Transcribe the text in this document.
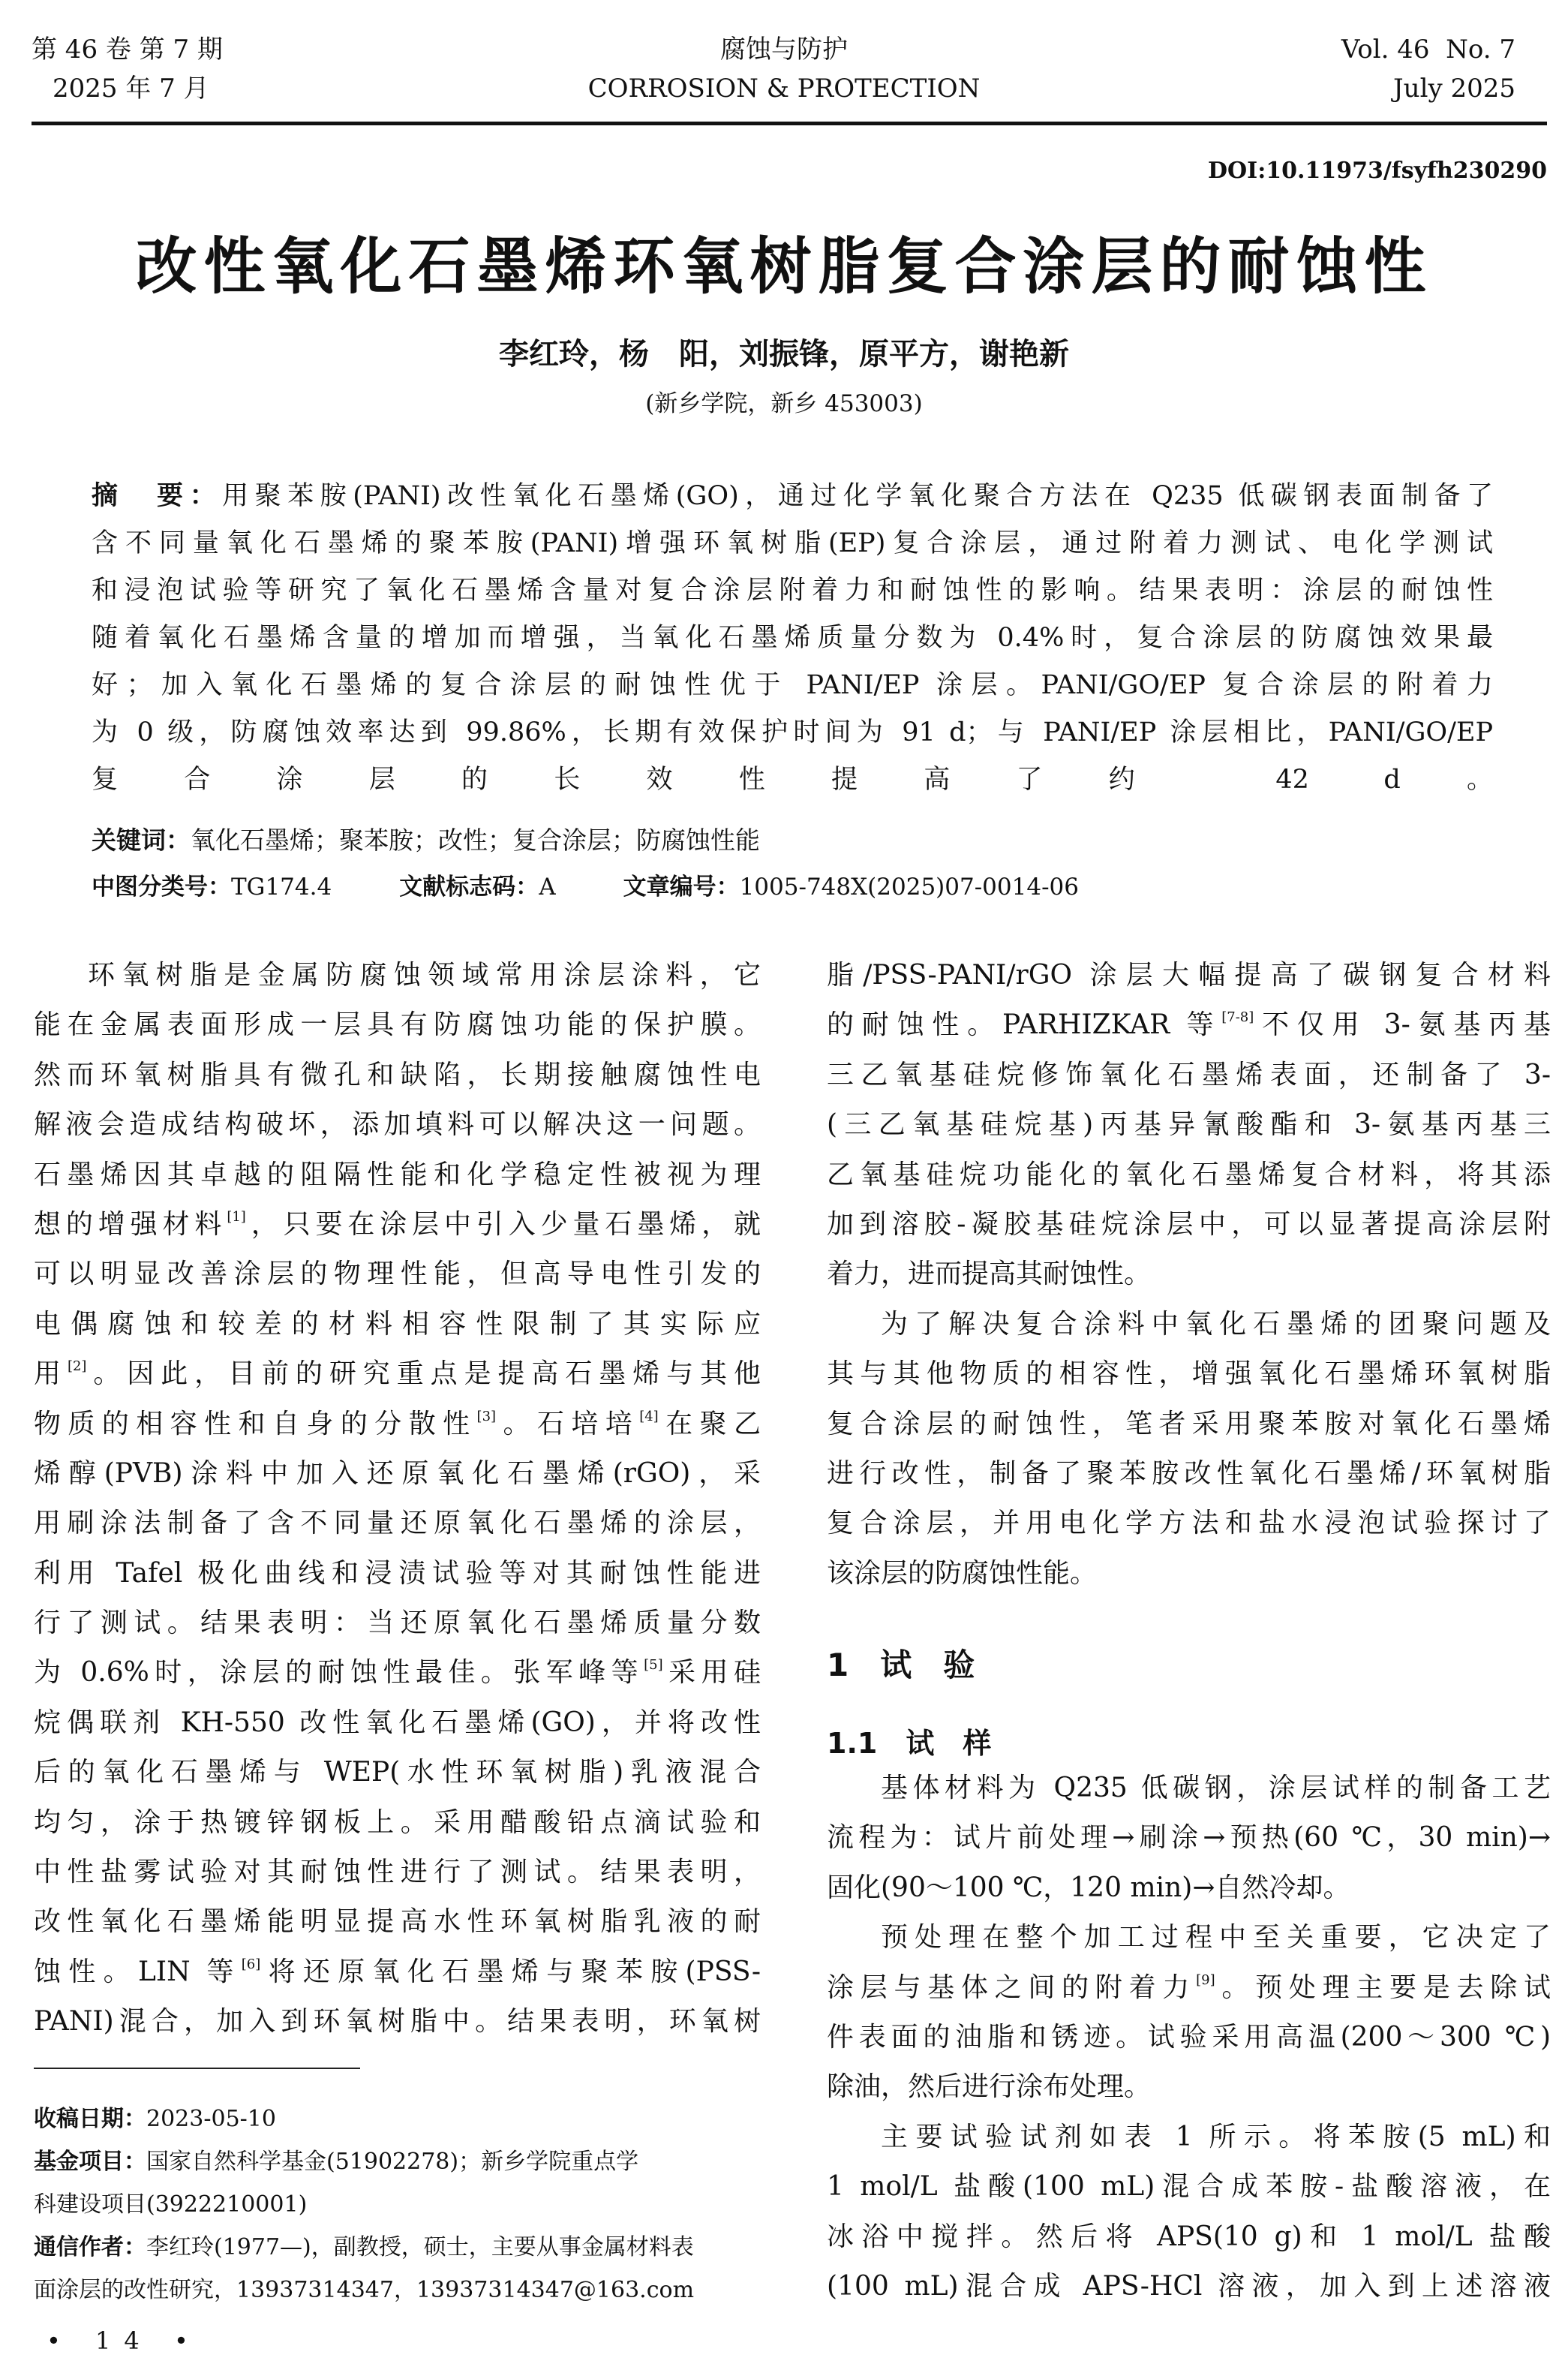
第 46 卷 第 7 期
2025 年 7 月
腐蚀与防护
CORROSION & PROTECTION
Vol. 46  No. 7
July 2025
DOI:10.11973/fsyfh230290
改性氧化石墨烯环氧树脂复合涂层的耐蚀性
李红玲，杨　阳，刘振锋，原平方，谢艳新
(新乡学院，新乡 453003)
摘　要：用聚苯胺(PANI)改性氧化石墨烯(GO)，通过化学氧化聚合方法在 Q235 低碳钢表面制备了
含不同量氧化石墨烯的聚苯胺(PANI)增强环氧树脂(EP)复合涂层，通过附着力测试、电化学测试
和浸泡试验等研究了氧化石墨烯含量对复合涂层附着力和耐蚀性的影响。结果表明：涂层的耐蚀性
随着氧化石墨烯含量的增加而增强，当氧化石墨烯质量分数为 0.4%时，复合涂层的防腐蚀效果最
好；加入氧化石墨烯的复合涂层的耐蚀性优于 PANI/EP 涂层。PANI/GO/EP 复合涂层的附着力
为 0 级，防腐蚀效率达到 99.86%，长期有效保护时间为 91 d；与 PANI/EP 涂层相比，PANI/GO/EP
复合涂层的长效性提高了约 42 d。
关键词：氧化石墨烯；聚苯胺；改性；复合涂层；防腐蚀性能
中图分类号：TG174.4	文献标志码：A	文章编号：1005-748X(2025)07-0014-06
环氧树脂是金属防腐蚀领域常用涂层涂料，它
能在金属表面形成一层具有防腐蚀功能的保护膜。
然而环氧树脂具有微孔和缺陷，长期接触腐蚀性电
解液会造成结构破坏，添加填料可以解决这一问题。
石墨烯因其卓越的阻隔性能和化学稳定性被视为理
想的增强材料[1]，只要在涂层中引入少量石墨烯，就
可以明显改善涂层的物理性能，但高导电性引发的
电偶腐蚀和较差的材料相容性限制了其实际应
用[2]。因此，目前的研究重点是提高石墨烯与其他
物质的相容性和自身的分散性[3]。石培培[4]在聚乙
烯醇(PVB)涂料中加入还原氧化石墨烯(rGO)，采
用刷涂法制备了含不同量还原氧化石墨烯的涂层，
利用 Tafel 极化曲线和浸渍试验等对其耐蚀性能进
行了测试。结果表明：当还原氧化石墨烯质量分数
为 0.6%时，涂层的耐蚀性最佳。张军峰等[5]采用硅
烷偶联剂 KH-550 改性氧化石墨烯(GO)，并将改性
后的氧化石墨烯与 WEP(水性环氧树脂)乳液混合
均匀，涂于热镀锌钢板上。采用醋酸铅点滴试验和
中性盐雾试验对其耐蚀性进行了测试。结果表明，
改性氧化石墨烯能明显提高水性环氧树脂乳液的耐
蚀性。LIN 等[6]将还原氧化石墨烯与聚苯胺(PSS-
PANI)混合，加入到环氧树脂中。结果表明，环氧树
脂/PSS-PANI/rGO 涂层大幅提高了碳钢复合材料
的耐蚀性。PARHIZKAR 等[7-8]不仅用 3-氨基丙基
三乙氧基硅烷修饰氧化石墨烯表面，还制备了 3-
(三乙氧基硅烷基)丙基异氰酸酯和 3-氨基丙基三
乙氧基硅烷功能化的氧化石墨烯复合材料，将其添
加到溶胶-凝胶基硅烷涂层中，可以显著提高涂层附
着力，进而提高其耐蚀性。
为了解决复合涂料中氧化石墨烯的团聚问题及
其与其他物质的相容性，增强氧化石墨烯环氧树脂
复合涂层的耐蚀性，笔者采用聚苯胺对氧化石墨烯
进行改性，制备了聚苯胺改性氧化石墨烯/环氧树脂
复合涂层，并用电化学方法和盐水浸泡试验探讨了
该涂层的防腐蚀性能。
1　试　验
1.1　试　样
基体材料为 Q235 低碳钢，涂层试样的制备工艺
流程为：试片前处理→刷涂→预热(60 ℃，30 min)→
固化(90～100 ℃，120 min)→自然冷却。
预处理在整个加工过程中至关重要，它决定了
涂层与基体之间的附着力[9]。预处理主要是去除试
件表面的油脂和锈迹。试验采用高温(200～300 ℃)
除油，然后进行涂布处理。
主要试验试剂如表 1 所示。将苯胺(5 mL)和
1 mol/L 盐酸(100 mL)混合成苯胺-盐酸溶液，在
冰浴中搅拌。然后将 APS(10 g)和 1 mol/L 盐酸
(100 mL)混合成 APS-HCl 溶液，加入到上述溶液
收稿日期：2023-05-10
基金项目：国家自然科学基金(51902278)；新乡学院重点学
科建设项目(3922210001)
通信作者：李红玲(1977—)，副教授，硕士，主要从事金属材料表
面涂层的改性研究，13937314347，13937314347@163.com
• 14 •
